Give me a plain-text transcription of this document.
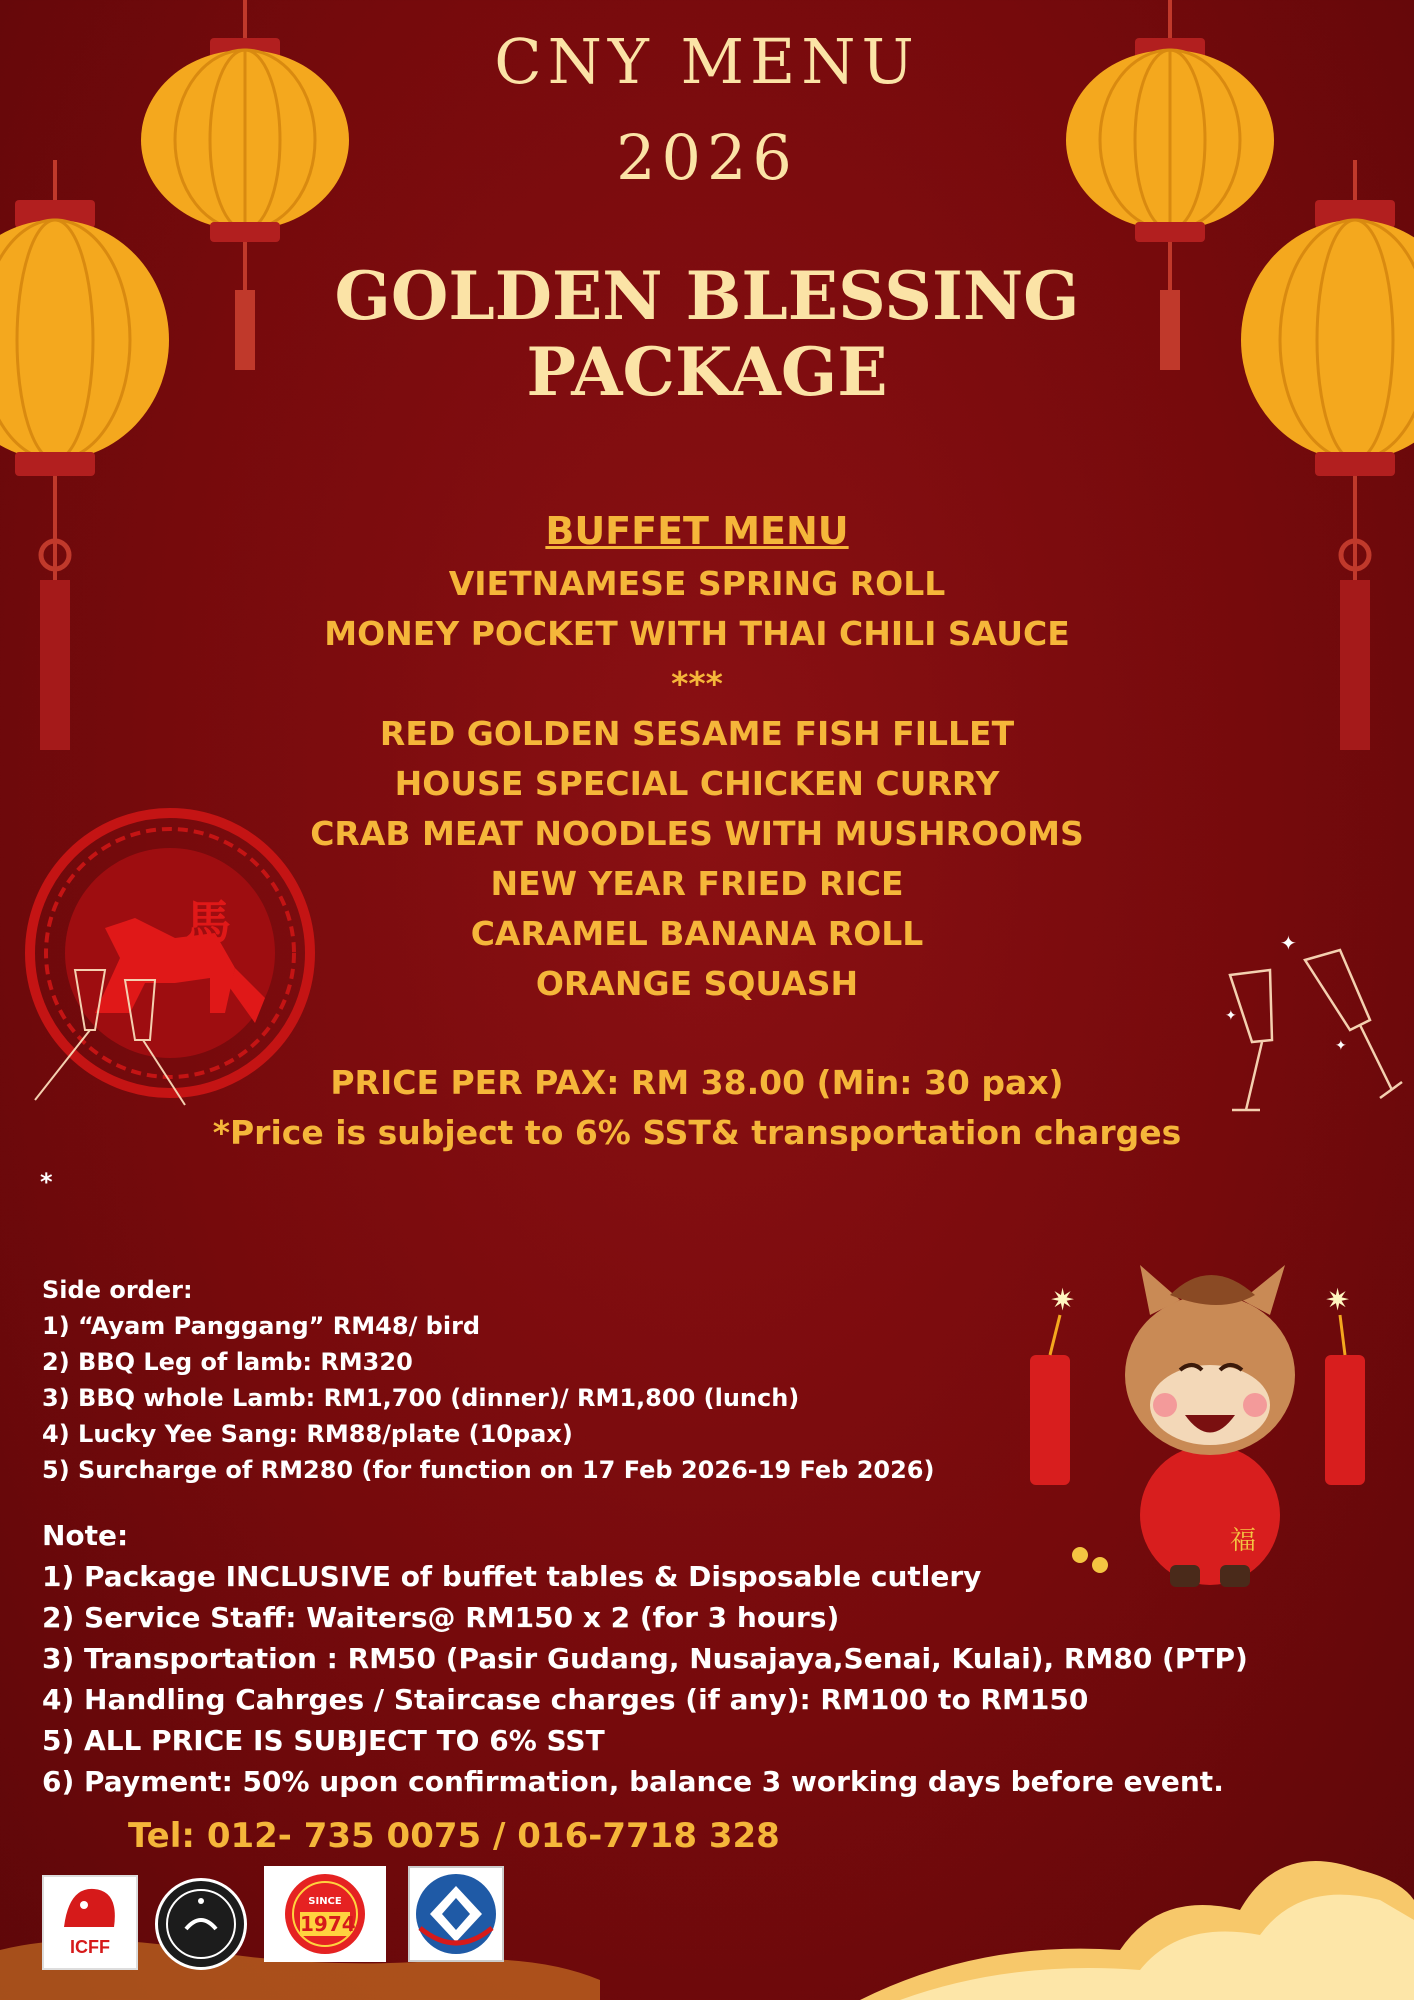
馬	✦
✦
✦
✷	✷
福
CNY MENU
2026
GOLDEN BLESSING PACKAGE
BUFFET MENU
VIETNAMESE SPRING ROLL
MONEY POCKET WITH THAI CHILI SAUCE
***
RED GOLDEN SESAME FISH FILLET
HOUSE SPECIAL CHICKEN CURRY
CRAB MEAT NOODLES WITH MUSHROOMS
NEW YEAR FRIED RICE
CARAMEL BANANA ROLL
ORANGE SQUASH
PRICE PER PAX: RM 38.00 (Min: 30 pax)
*Price is subject to 6% SST& transportation charges
*
Side order:
1) “Ayam Panggang” RM48/ bird
2) BBQ Leg of lamb: RM320
3) BBQ whole Lamb: RM1,700 (dinner)/ RM1,800 (lunch)
4) Lucky Yee Sang: RM88/plate (10pax)
5) Surcharge of RM280 (for function on 17 Feb 2026-19 Feb 2026)
Note:
1) Package INCLUSIVE of buffet tables & Disposable cutlery
2) Service Staff: Waiters@ RM150 x 2 (for 3 hours)
3) Transportation : RM50 (Pasir Gudang, Nusajaya,Senai, Kulai), RM80 (PTP)
4) Handling Cahrges / Staircase charges (if any): RM100 to RM150
5) ALL PRICE IS SUBJECT TO 6% SST
6) Payment: 50% upon confirmation, balance 3 working days before event.
Tel: 012- 735 0075 / 016-7718 328
ICFF
SINCE
1974
